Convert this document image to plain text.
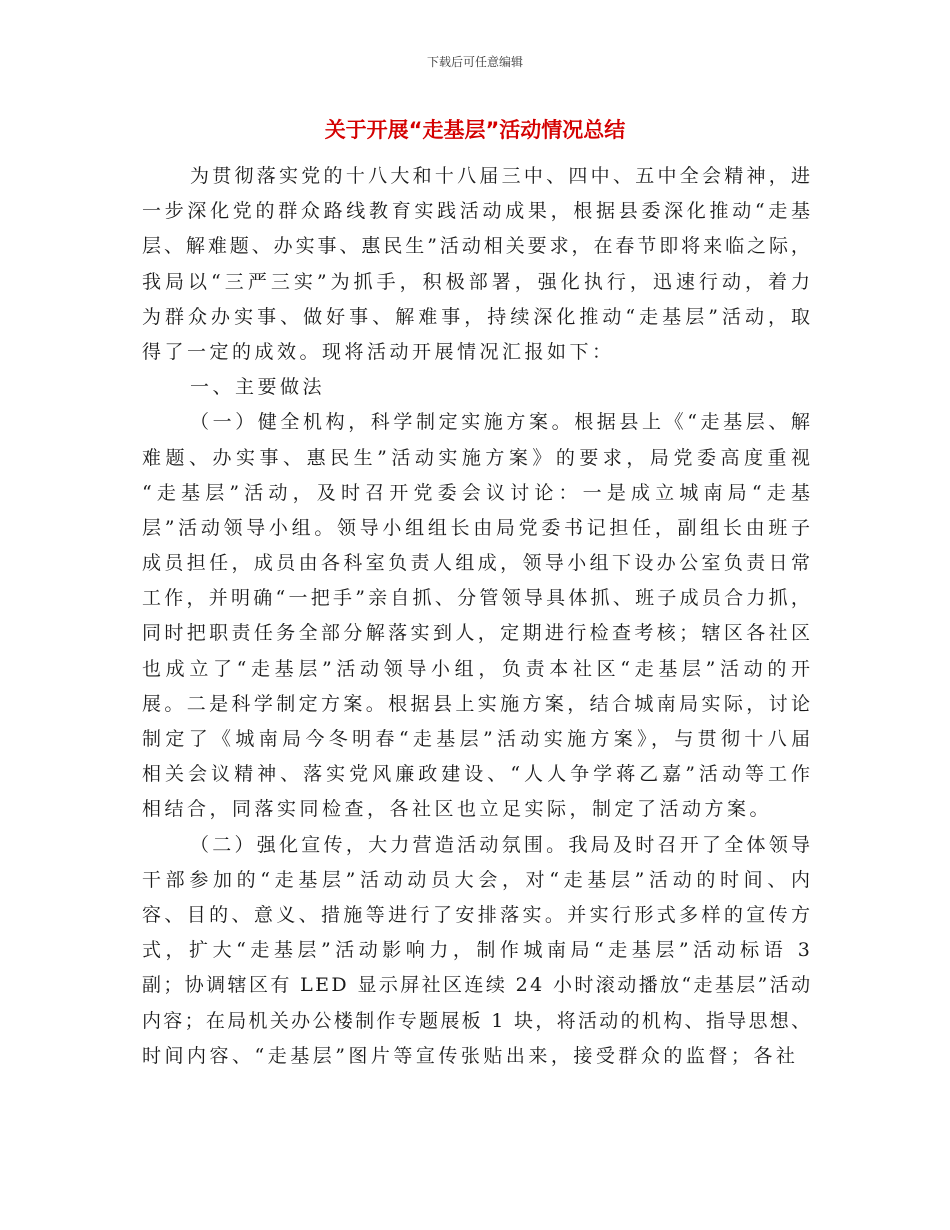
下载后可任意编辑
关于开展“走基层”活动情况总结
为贯彻落实党的十八大和十八届三中、四中、五中全会精神，进
一步深化党的群众路线教育实践活动成果，根据县委深化推动“走基
层、解难题、办实事、惠民生”活动相关要求，在春节即将来临之际，
我局以“三严三实”为抓手，积极部署，强化执行，迅速行动，着力
为群众办实事、做好事、解难事，持续深化推动“走基层”活动，取
得了一定的成效。现将活动开展情况汇报如下：
一、主要做法
（一）健全机构，科学制定实施方案。根据县上《“走基层、解
难题、办实事、惠民生”活动实施方案》的要求，局党委高度重视
“走基层”活动，及时召开党委会议讨论：一是成立城南局“走基
层”活动领导小组。领导小组组长由局党委书记担任，副组长由班子
成员担任，成员由各科室负责人组成，领导小组下设办公室负责日常
工作，并明确“一把手”亲自抓、分管领导具体抓、班子成员合力抓，
同时把职责任务全部分解落实到人，定期进行检查考核；辖区各社区
也成立了“走基层”活动领导小组，负责本社区“走基层”活动的开
展。二是科学制定方案。根据县上实施方案，结合城南局实际，讨论
制定了《城南局今冬明春“走基层”活动实施方案》，与贯彻十八届
相关会议精神、落实党风廉政建设、“人人争学蒋乙嘉”活动等工作
相结合，同落实同检查，各社区也立足实际，制定了活动方案。
（二）强化宣传，大力营造活动氛围。我局及时召开了全体领导
干部参加的“走基层”活动动员大会，对“走基层”活动的时间、内
容、目的、意义、措施等进行了安排落实。并实行形式多样的宣传方
式，扩大“走基层”活动影响力，制作城南局“走基层”活动标语 3
副；协调辖区有 LED 显示屏社区连续 24 小时滚动播放“走基层”活动
内容；在局机关办公楼制作专题展板 1 块，将活动的机构、指导思想、
时间内容、“走基层”图片等宣传张贴出来，接受群众的监督；各社
